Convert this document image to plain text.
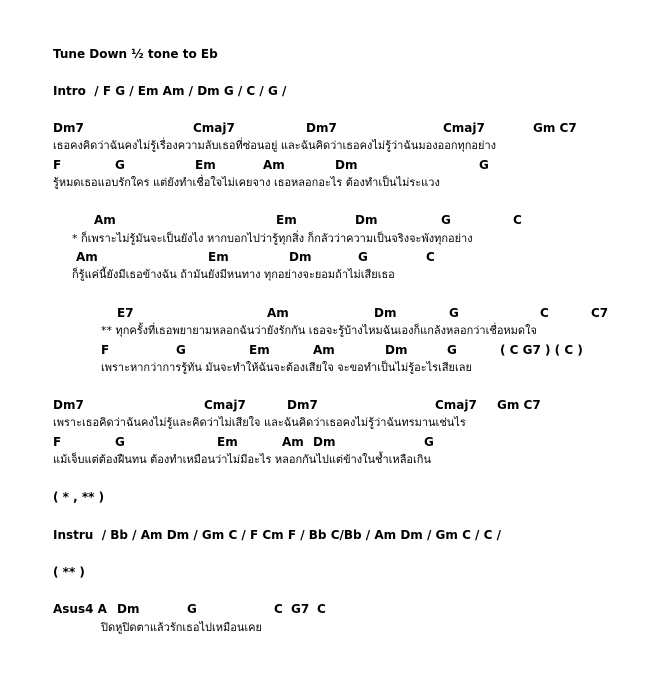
Tune Down ½ tone to Eb
Intro  / F G / Em Am / Dm G / C / G /
Dm7	Cmaj7	Dm7	Cmaj7	Gm C7
เธอคงคิดว่าฉันคงไม่รู้เรื่องความลับเธอที่ซ่อนอยู่ และฉันคิดว่าเธอคงไม่รู้ว่าฉันมองออกทุกอย่าง
F	G	Em	Am	Dm	G
รู้หมดเธอแอบรักใคร แต่ยังทำเชื่อใจไม่เคยจาง เธอหลอกอะไร ต้องทำเป็นไม่ระแวง
Am	Em	Dm	G	C
* ก็เพราะไม่รู้มันจะเป็นยังไง หากบอกไปว่ารู้ทุกสิ่ง ก็กลัวว่าความเป็นจริงจะพังทุกอย่าง
Am	Em	Dm	G	C
ก็รู้แค่นี้ยังมีเธอข้างฉัน ถ้ามันยังมีหนทาง ทุกอย่างจะยอมถ้าไม่เสียเธอ
E7	Am	Dm	G	C	C7
** ทุกครั้งที่เธอพยายามหลอกฉันว่ายังรักกัน เธอจะรู้บ้างไหมฉันเองก็แกล้งหลอกว่าเชื่อหมดใจ
F	G	Em	Am	Dm	G	( C G7 ) ( C )
เพราะหากว่าการรู้ทัน มันจะทำให้ฉันจะต้องเสียใจ จะขอทำเป็นไม่รู้อะไรเสียเลย
Dm7	Cmaj7	Dm7	Cmaj7 Gm C7
เพราะเธอคิดว่าฉันคงไม่รู้และคิดว่าไม่เสียใจ และฉันคิดว่าเธอคงไม่รู้ว่าฉันทรมานเช่นไร
F	G	Em	Am Dm	G
แม้เจ็บแต่ต้องฝืนทน ต้องทำเหมือนว่าไม่มีอะไร หลอกกันไปแต่ข้างในช้ำเหลือเกิน
( * , ** )
Instru  / Bb / Am Dm / Gm C / F Cm F / Bb C/Bb / Am Dm / Gm C / C /
( ** )
Asus4 A Dm	G	C G7 C
ปิดหูปิดตาแล้วรักเธอไปเหมือนเคย
